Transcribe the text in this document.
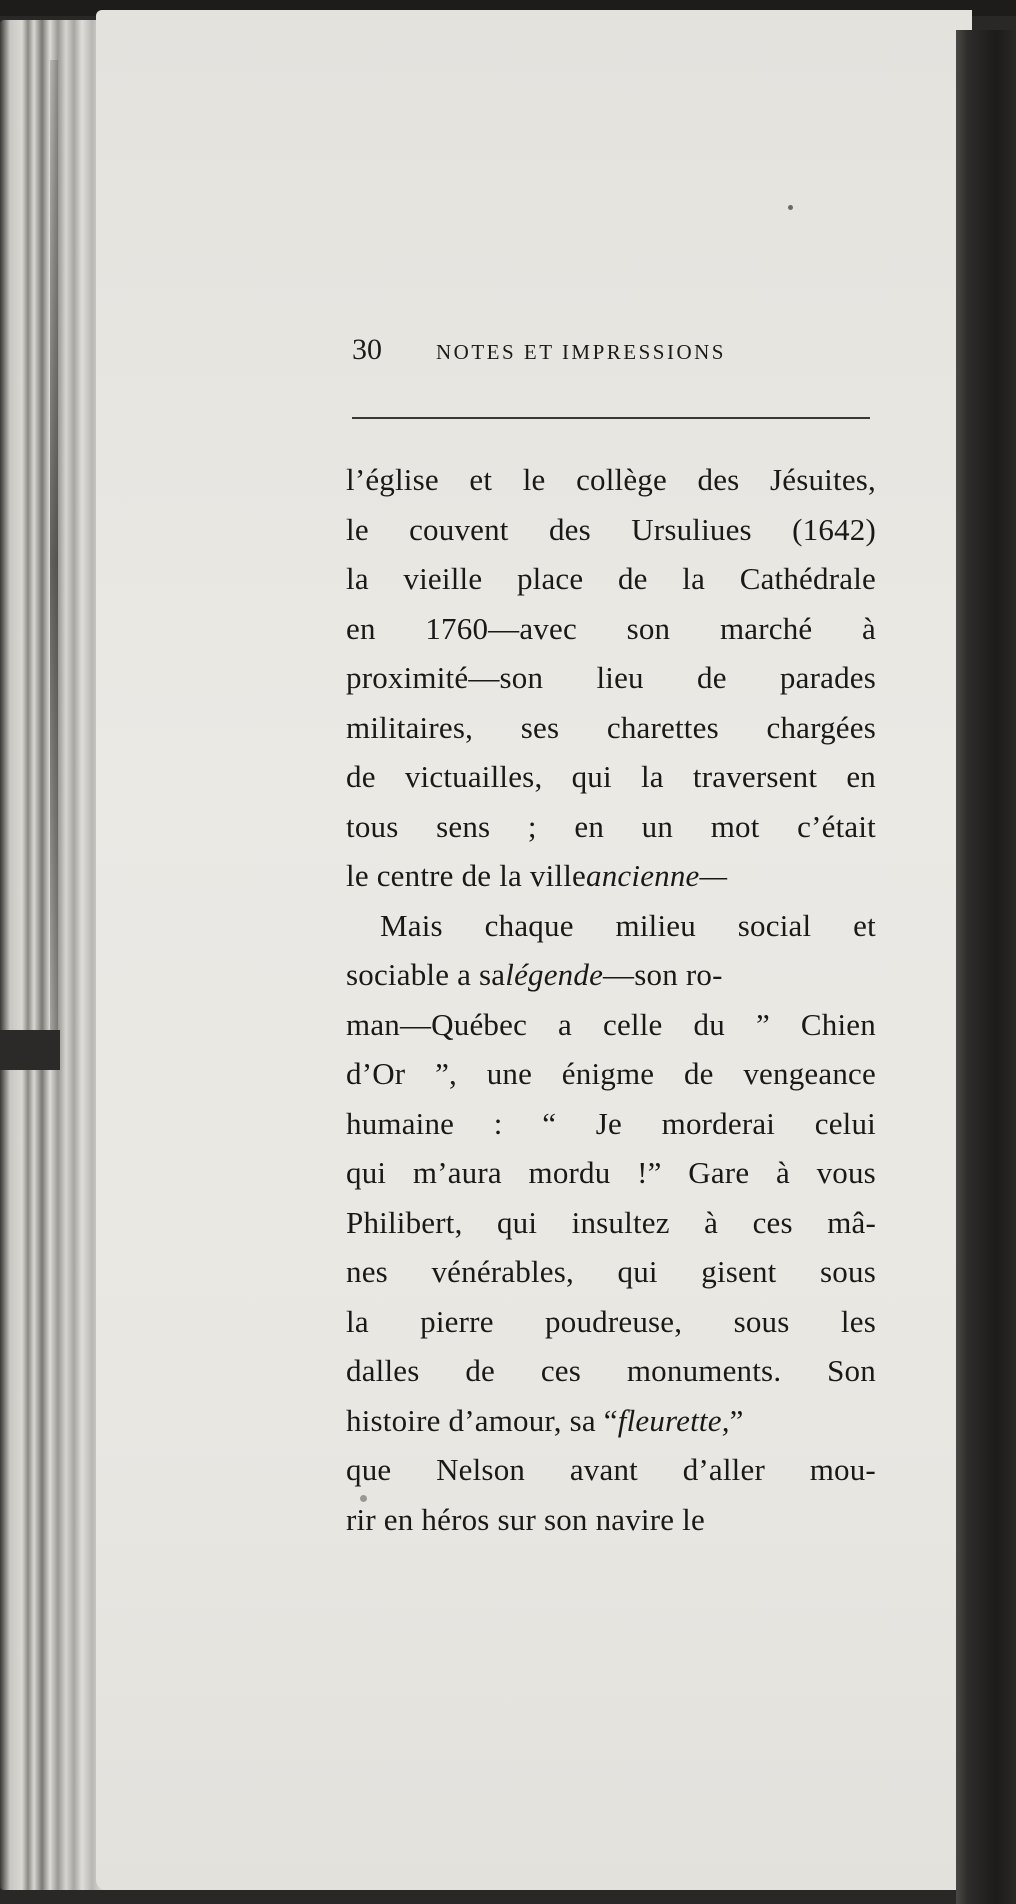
30	NOTES ET IMPRESSIONS
l’église et le collège des Jésuites,
le couvent des Ursuliues (1642)
la vieille place de la Cathédrale
en 1760—avec son marché à
proximité—son lieu de parades
militaires, ses charettes chargées
de victuailles, qui la traversent en
tous sens ; en un mot c’était
le centre de la villeancienne—
Mais chaque milieu social et
sociable a salégende—son ro-
man—Québec a celle du ” Chien
d’Or ”, une énigme de vengeance
humaine : “ Je morderai celui
qui m’aura mordu !” Gare à vous
Philibert, qui insultez à ces mâ-
nes vénérables, qui gisent sous
la pierre poudreuse, sous les
dalles de ces monuments. Son
histoire d’amour, sa “fleurette,”
que Nelson avant d’aller mou-
rir en héros sur son navire le
